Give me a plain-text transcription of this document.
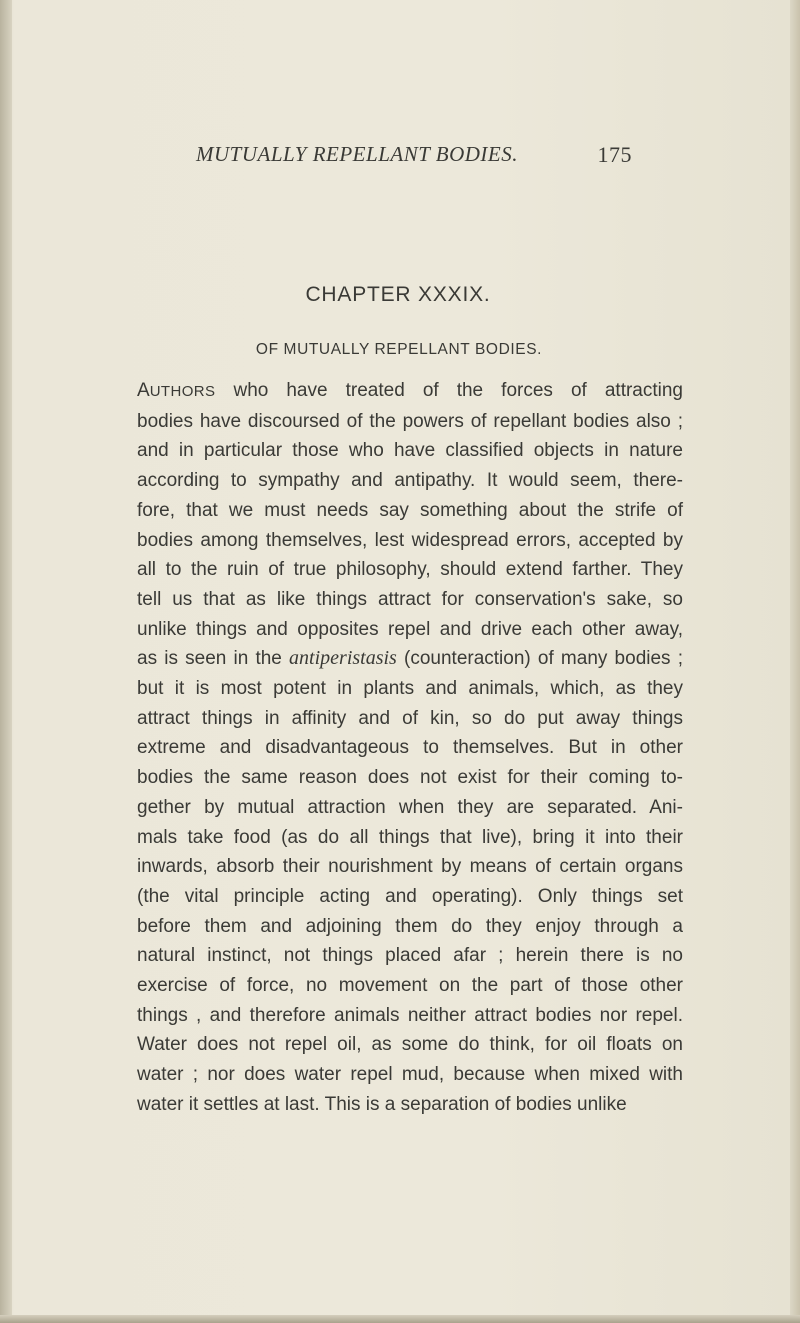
MUTUALLY REPELLANT BODIES.	175
CHAPTER XXXIX.
OF MUTUALLY REPELLANT BODIES.
AUTHORS who have treated of the forces of attracting
bodies have discoursed of the powers of repellant bodies also ;
and in particular those who have classified objects in nature
according to sympathy and antipathy. It would seem, there-
fore, that we must needs say something about the strife of
bodies among themselves, lest widespread errors, accepted by
all to the ruin of true philosophy, should extend farther. They
tell us that as like things attract for conservation's sake, so
unlike things and opposites repel and drive each other away,
as is seen in the antiperistasis (counteraction) of many bodies ;
but it is most potent in plants and animals, which, as they
attract things in affinity and of kin, so do put away things
extreme and disadvantageous to themselves. But in other
bodies the same reason does not exist for their coming to-
gether by mutual attraction when they are separated. Ani-
mals take food (as do all things that live), bring it into their
inwards, absorb their nourishment by means of certain organs
(the vital principle acting and operating). Only things set
before them and adjoining them do they enjoy through a
natural instinct, not things placed afar ; herein there is no
exercise of force, no movement on the part of those other
things , and therefore animals neither attract bodies nor repel.
Water does not repel oil, as some do think, for oil floats on
water ; nor does water repel mud, because when mixed with
water it settles at last. This is a separation of bodies unlike
